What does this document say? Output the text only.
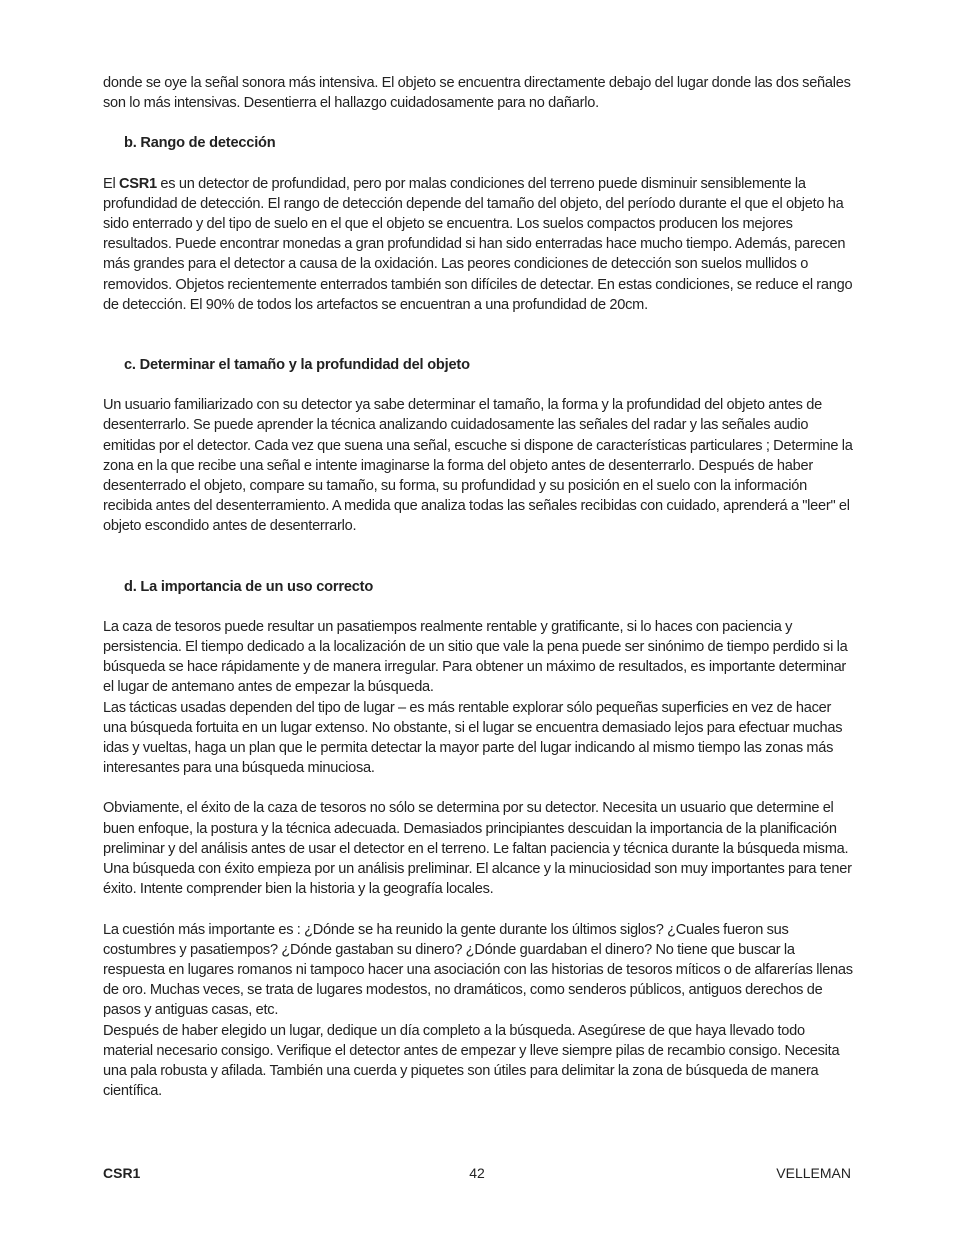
donde se oye la señal sonora más intensiva. El objeto se encuentra directamente debajo del lugar donde las dos señales son lo más intensivas. Desentierra el hallazgo cuidadosamente para no dañarlo.

b. Rango de detección

El CSR1 es un detector de profundidad, pero por malas condiciones del terreno puede disminuir sensiblemente la profundidad de detección. El rango de detección depende del tamaño del objeto, del período durante el que el objeto ha sido enterrado y del tipo de suelo en el que el objeto se encuentra. Los suelos compactos producen los mejores resultados. Puede encontrar monedas a gran profundidad si han sido enterradas hace mucho tiempo. Además, parecen más grandes para el detector a causa de la oxidación. Las peores condiciones de detección son suelos mullidos o removidos. Objetos recientemente enterrados también son difíciles de detectar. En estas condiciones, se reduce el rango de detección. El 90% de todos los artefactos se encuentran a una profundidad de 20cm.

c. Determinar el tamaño y la profundidad del objeto

Un usuario familiarizado con su detector ya sabe determinar el tamaño, la forma y la profundidad del objeto antes de desenterrarlo. Se puede aprender la técnica analizando cuidadosamente las señales del radar y las señales audio emitidas por el detector. Cada vez que suena una señal, escuche si dispone de características particulares ; Determine la zona en la que recibe una señal e intente imaginarse la forma del objeto antes de desenterrarlo. Después de haber desenterrado el objeto, compare su tamaño, su forma, su profundidad y su posición en el suelo con la información recibida antes del desenterramiento. A medida que analiza todas las señales recibidas con cuidado, aprenderá a "leer" el objeto escondido antes de desenterrarlo.

d. La importancia de un uso correcto

La caza de tesoros puede resultar un pasatiempos realmente rentable y gratificante, si lo haces con paciencia y persistencia. El tiempo dedicado a la localización de un sitio que vale la pena puede ser sinónimo de tiempo perdido si la búsqueda se hace rápidamente y de manera irregular. Para obtener un máximo de resultados, es importante determinar el lugar de antemano antes de empezar la búsqueda.

Las tácticas usadas dependen del tipo de lugar – es más rentable explorar sólo pequeñas superficies en vez de hacer una búsqueda fortuita en un lugar extenso. No obstante, si el lugar se encuentra demasiado lejos para efectuar muchas idas y vueltas, haga un plan que le permita detectar la mayor parte del lugar indicando al mismo tiempo las zonas más interesantes para una búsqueda minuciosa.

Obviamente, el éxito de la caza de tesoros no sólo se determina por su detector. Necesita un usuario que determine el buen enfoque, la postura y la técnica adecuada. Demasiados principiantes descuidan la importancia de la planificación preliminar y del análisis antes de usar el detector en el terreno. Le faltan paciencia y técnica durante la búsqueda misma.

Una búsqueda con éxito empieza por un análisis preliminar. El alcance y la minuciosidad son muy importantes para tener éxito. Intente comprender bien la historia y la geografía locales.

La cuestión más importante es : ¿Dónde se ha reunido la gente durante los últimos siglos? ¿Cuales fueron sus costumbres y pasatiempos? ¿Dónde gastaban su dinero? ¿Dónde guardaban el dinero? No tiene que buscar la respuesta en lugares romanos ni tampoco hacer una asociación con las historias de tesoros míticos o de alfarerías llenas de oro. Muchas veces, se trata de lugares modestos, no dramáticos, como senderos públicos, antiguos derechos de pasos y antiguas casas, etc.

Después de haber elegido un lugar, dedique un día completo a la búsqueda. Asegúrese de que haya llevado todo material necesario consigo. Verifique el detector antes de empezar y lleve siempre pilas de recambio consigo. Necesita una pala robusta y afilada. También una cuerda y piquetes son útiles para delimitar la zona de búsqueda de manera científica.

CSR1	42	VELLEMAN
